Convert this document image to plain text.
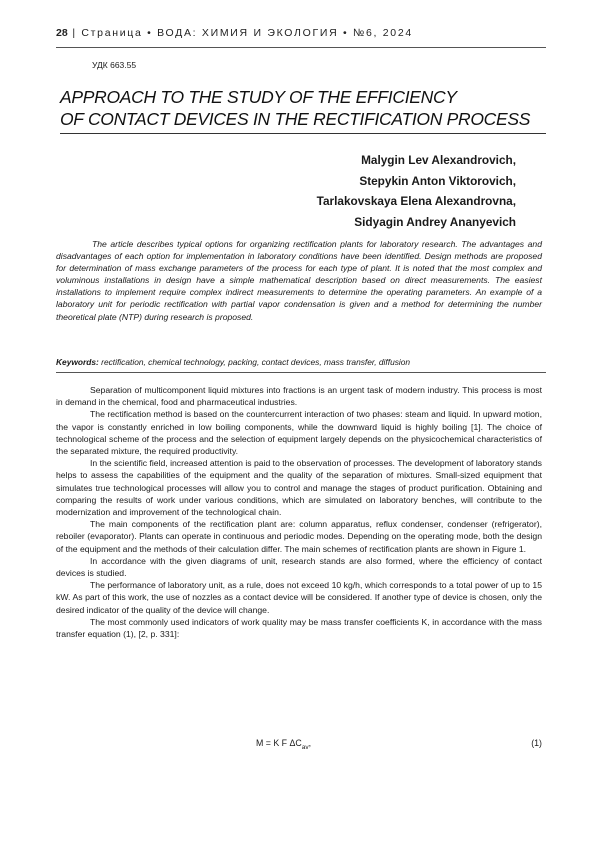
28 | Страница • ВОДА: ХИМИЯ И ЭКОЛОГИЯ • №6, 2024
УДК 663.55
APPROACH TO THE STUDY OF THE EFFICIENCY
OF CONTACT DEVICES IN THE RECTIFICATION PROCESS
Malygin Lev Alexandrovich,
Stepykin Anton Viktorovich,
Tarlakovskaya Elena Alexandrovna,
Sidyagin Andrey Ananyevich

The article describes typical options for organizing rectification plants for laboratory research. The advantages and disadvantages of each option for implementation in laboratory conditions have been identified. Design methods are proposed for determination of mass exchange parameters of the process for each type of plant. It is noted that the most complex and voluminous installations in design have a simple mathematical description based on direct measurements. The easiest installations to implement require complex indirect measurements to determine the operating parameters. An example of a laboratory unit for periodic rectification with partial vapor condensation is given and a method for determining the number theoretical plate (NTP) during research is proposed.

Keywords: rectification, chemical technology, packing, contact devices, mass transfer, diffusion

Separation of multicomponent liquid mixtures into fractions is an urgent task of modern industry. This process is most in demand in the chemical, food and pharmaceutical industries.

The rectification method is based on the countercurrent interaction of two phases: steam and liquid. In upward motion, the vapor is constantly enriched in low boiling components, while the downward liquid is highly boiling [1]. The choice of technological scheme of the process and the selection of equipment largely depends on the physicochemical characteristics of the separated mixture, the required productivity.

In the scientific field, increased attention is paid to the observation of processes. The development of laboratory stands helps to assess the capabilities of the equipment and the quality of the separation of mixtures. Small-sized equipment that simulates true technological processes will allow you to control and manage the stages of product purification. Obtaining and comparing the results of work under various conditions, which are simulated on laboratory benches, will contribute to the modernization and improvement of the technological chain.

The main components of the rectification plant are: column apparatus, reflux condenser, condenser (refrigerator), reboiler (evaporator). Plants can operate in continuous and periodic modes. Depending on the operating mode, both the design of the equipment and the methods of their calculation differ. The main schemes of rectification plants are shown in Figure 1.

In accordance with the given diagrams of unit, research stands are also formed, where the efficiency of contact devices is studied.

The performance of laboratory unit, as a rule, does not exceed 10 kg/h, which corresponds to a total power of up to 15 kW. As part of this work, the use of nozzles as a contact device will be considered. If another type of device is chosen, only the desired indicator of the quality of the device will change.

The most commonly used indicators of work quality may be mass transfer coefficients K, in accordance with the mass transfer equation (1), [2, p. 331]:

M = K F $\Delta C_{av}$,	(1)
